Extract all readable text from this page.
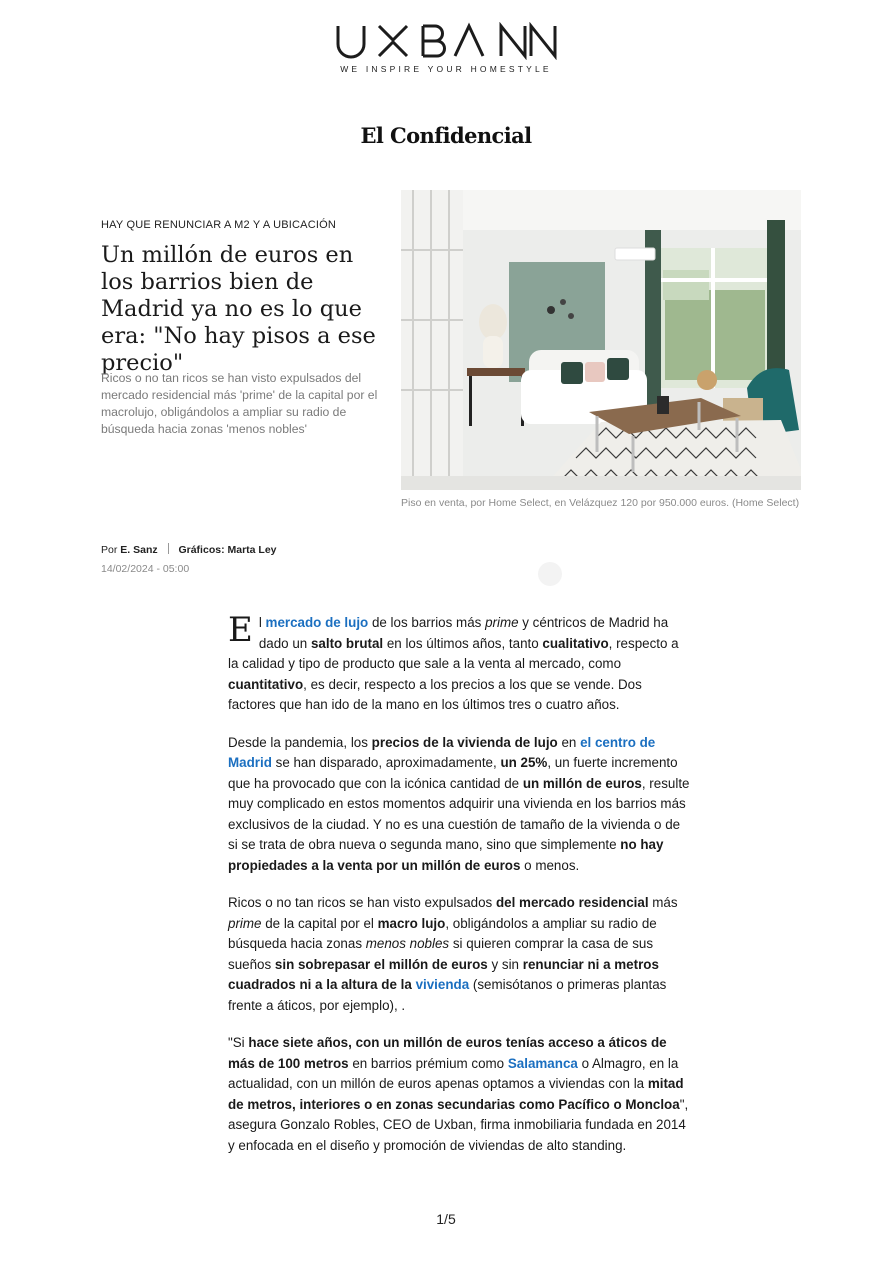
WE INSPIRE YOUR HOMESTYLE
El Confidencial
HAY QUE RENUNCIAR A M2 Y A UBICACIÓN
Un millón de euros en los barrios bien de Madrid ya no es lo que era: "No hay pisos a ese precio"
Ricos o no tan ricos se han visto expulsados del mercado residencial más 'prime' de la capital por el macrolujo, obligándolos a ampliar su radio de búsqueda hacia zonas 'menos nobles'
Piso en venta, por Home Select, en Velázquez 120 por 950.000 euros. (Home Select)
Por E. Sanz Gráficos: Marta Ley
14/02/2024 - 05:00

El mercado de lujo de los barrios más prime y céntricos de Madrid ha dado un salto brutal en los últimos años, tanto cualitativo, respecto a la calidad y tipo de producto que sale a la venta al mercado, como cuantitativo, es decir, respecto a los precios a los que se vende. Dos factores que han ido de la mano en los últimos tres o cuatro años.

Desde la pandemia, los precios de la vivienda de lujo en el centro de Madrid se han disparado, aproximadamente, un 25%, un fuerte incremento que ha provocado que con la icónica cantidad de un millón de euros, resulte muy complicado en estos momentos adquirir una vivienda en los barrios más exclusivos de la ciudad. Y no es una cuestión de tamaño de la vivienda o de si se trata de obra nueva o segunda mano, sino que simplemente no hay propiedades a la venta por un millón de euros o menos.

Ricos o no tan ricos se han visto expulsados del mercado residencial más prime de la capital por el macro lujo, obligándolos a ampliar su radio de búsqueda hacia zonas menos nobles si quieren comprar la casa de sus sueños sin sobrepasar el millón de euros y sin renunciar ni a metros cuadrados ni a la altura de la vivienda (semisótanos o primeras plantas frente a áticos, por ejemplo), .

"Si hace siete años, con un millón de euros tenías acceso a áticos de más de 100 metros en barrios prémium como Salamanca o Almagro, en la actualidad, con un millón de euros apenas optamos a viviendas con la mitad de metros, interiores o en zonas secundarias como Pacífico o Moncloa", asegura Gonzalo Robles, CEO de Uxban, firma inmobiliaria fundada en 2014 y enfocada en el diseño y promoción de viviendas de alto standing.

1/5
